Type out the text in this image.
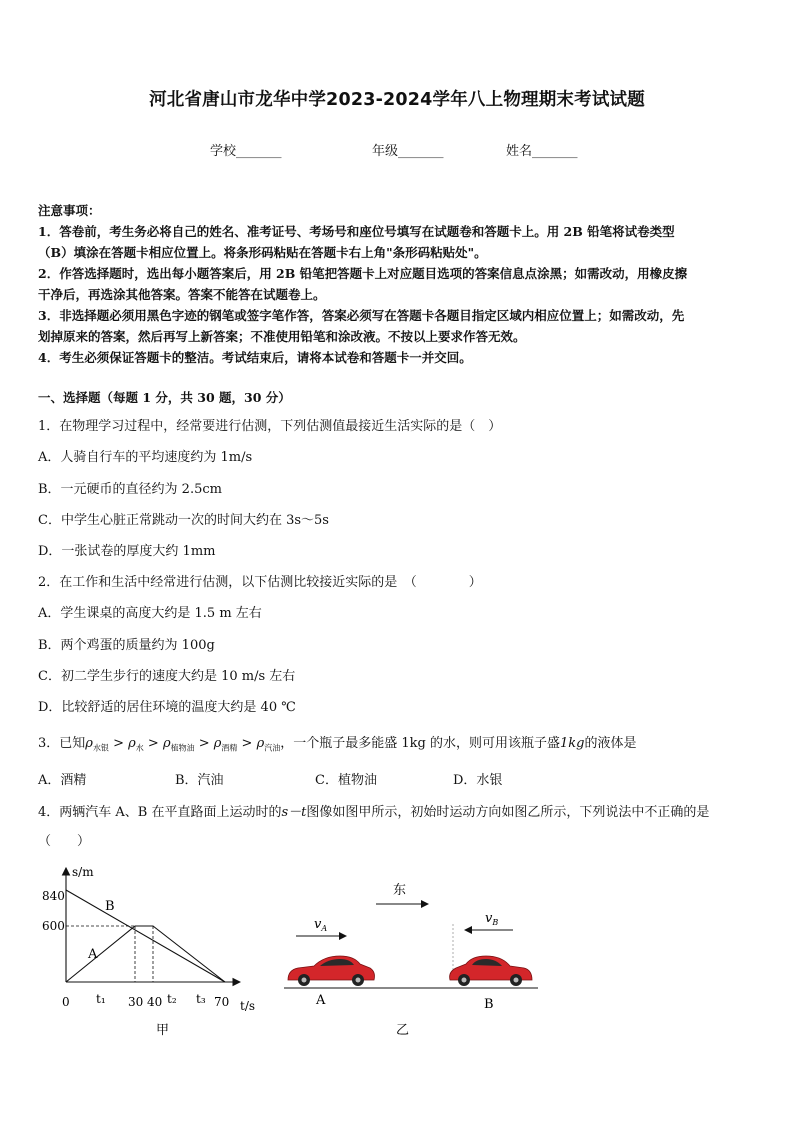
河北省唐山市龙华中学2023-2024学年八上物理期末考试试题
学校_______	年级_______	姓名_______
注意事项：
1．答卷前，考生务必将自己的姓名、准考证号、考场号和座位号填写在试题卷和答题卡上。用 2B 铅笔将试卷类型
（B）填涂在答题卡相应位置上。将条形码粘贴在答题卡右上角"条形码粘贴处"。
2．作答选择题时，选出每小题答案后，用 2B 铅笔把答题卡上对应题目选项的答案信息点涂黑；如需改动，用橡皮擦
干净后，再选涂其他答案。答案不能答在试题卷上。
3．非选择题必须用黑色字迹的钢笔或签字笔作答，答案必须写在答题卡各题目指定区域内相应位置上；如需改动，先
划掉原来的答案，然后再写上新答案；不准使用铅笔和涂改液。不按以上要求作答无效。
4．考生必须保证答题卡的整洁。考试结束后，请将本试卷和答题卡一并交回。
一、选择题（每题 1 分，共 30 题，30 分）
1．在物理学习过程中，经常要进行估测，下列估测值最接近生活实际的是（　）
A．人骑自行车的平均速度约为 1m/s
B．一元硬币的直径约为 2.5cm
C．中学生心脏正常跳动一次的时间大约在 3s～5s
D．一张试卷的厚度大约 1mm
2．在工作和生活中经常进行估测，以下估测比较接近实际的是　（　　　　）
A．学生课桌的高度大约是 1.5 m 左右
B．两个鸡蛋的质量约为 100g
C．初二学生步行的速度大约是 10 m/s 左右
D．比较舒适的居住环境的温度大约是 40 ℃
3．已知$\rho_{水银} > \rho_水 > \rho_{植物油} > \rho_{酒精} > \rho_{汽油}$，一个瓶子最多能盛 1kg 的水，则可用该瓶子盛1kg的液体是
A．酒精	B．汽油	C．植物油	D．水银
4．两辆汽车 A、B 在平直路面上运动时的s－t图像如图甲所示，初始时运动方向如图乙所示，下列说法中不正确的是
（　　）
s/m
t/s
840
600
A
B
0 t₁ 30 40 t₂ t₃ 70
甲
东
$v_A$
$v_B$
A	B
乙
